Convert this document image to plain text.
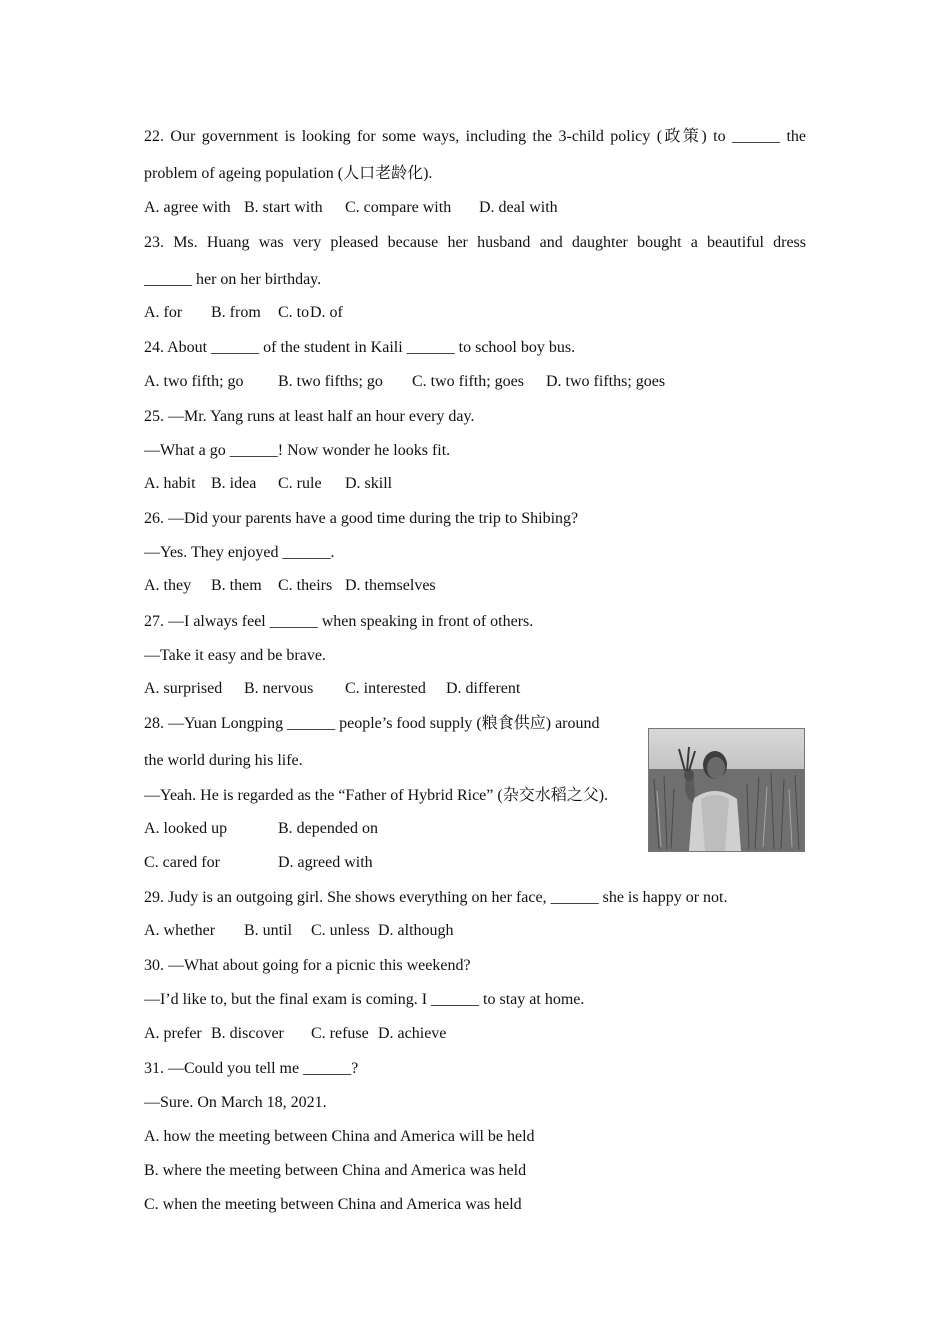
22. Our government is looking for some ways, including the 3-child policy (政策) to ______ the
problem of ageing population (人口老龄化).
A. agree with B. start with C. compare with D. deal with
23. Ms. Huang was very pleased because her husband and daughter bought a beautiful dress
______ her on her birthday.
A. for B. from C. to D. of
24. About ______ of the student in Kaili ______ to school boy bus.
A. two fifth; go B. two fifths; go C. two fifth; goes D. two fifths; goes
25. —Mr. Yang runs at least half an hour every day.
—What a go ______! Now wonder he looks fit.
A. habit B. idea C. rule D. skill
26. —Did your parents have a good time during the trip to Shibing?
—Yes. They enjoyed ______.
A. they B. them C. theirs D. themselves
27. —I always feel ______ when speaking in front of others.
—Take it easy and be brave.
A. surprised B. nervous C. interested D. different
28. —Yuan Longping ______ people’s food supply (粮食供应) around
the world during his life.
—Yeah. He is regarded as the “Father of Hybrid Rice” (杂交水稻之父).
A. looked up	B. depended on
C. cared for	D. agreed with
29. Judy is an outgoing girl. She shows everything on her face, ______ she is happy or not.
A. whether B. until C. unless D. although
30. —What about going for a picnic this weekend?
—I’d like to, but the final exam is coming. I ______ to stay at home.
A. prefer B. discover C. refuse D. achieve
31. —Could you tell me ______?
—Sure. On March 18, 2021.
A. how the meeting between China and America will be held
B. where the meeting between China and America was held
C. when the meeting between China and America was held
